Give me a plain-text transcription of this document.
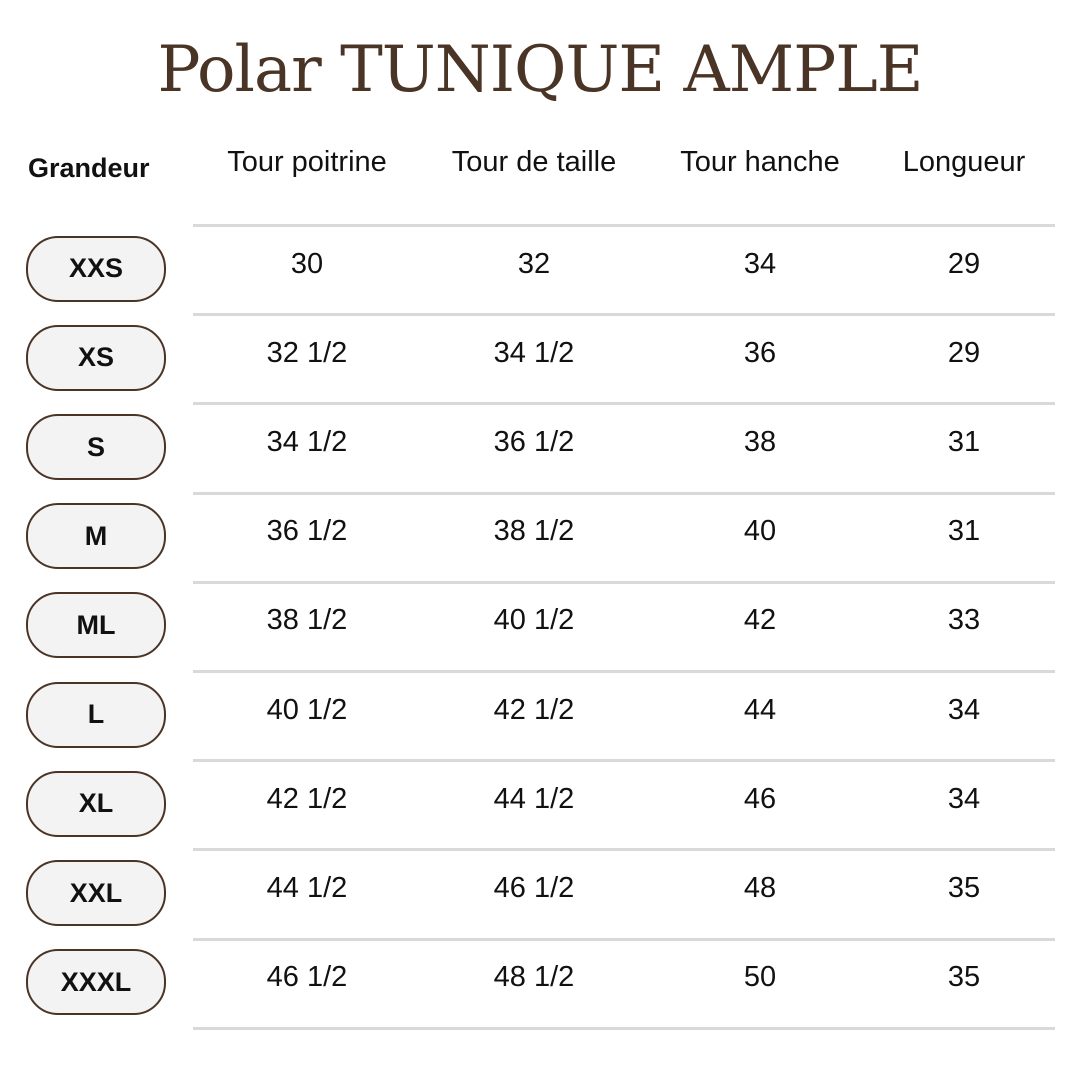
Polar TUNIQUE AMPLE
Grandeur	Tour poitrine	Tour de taille	Tour hanche	Longueur
XXS	30	32	34	29
XS	32 1/2	34 1/2	36	29
S	34 1/2	36 1/2	38	31
M	36 1/2	38 1/2	40	31
ML	38 1/2	40 1/2	42	33
L	40 1/2	42 1/2	44	34
XL	42 1/2	44 1/2	46	34
XXL	44 1/2	46 1/2	48	35
XXXL	46 1/2	48 1/2	50	35
